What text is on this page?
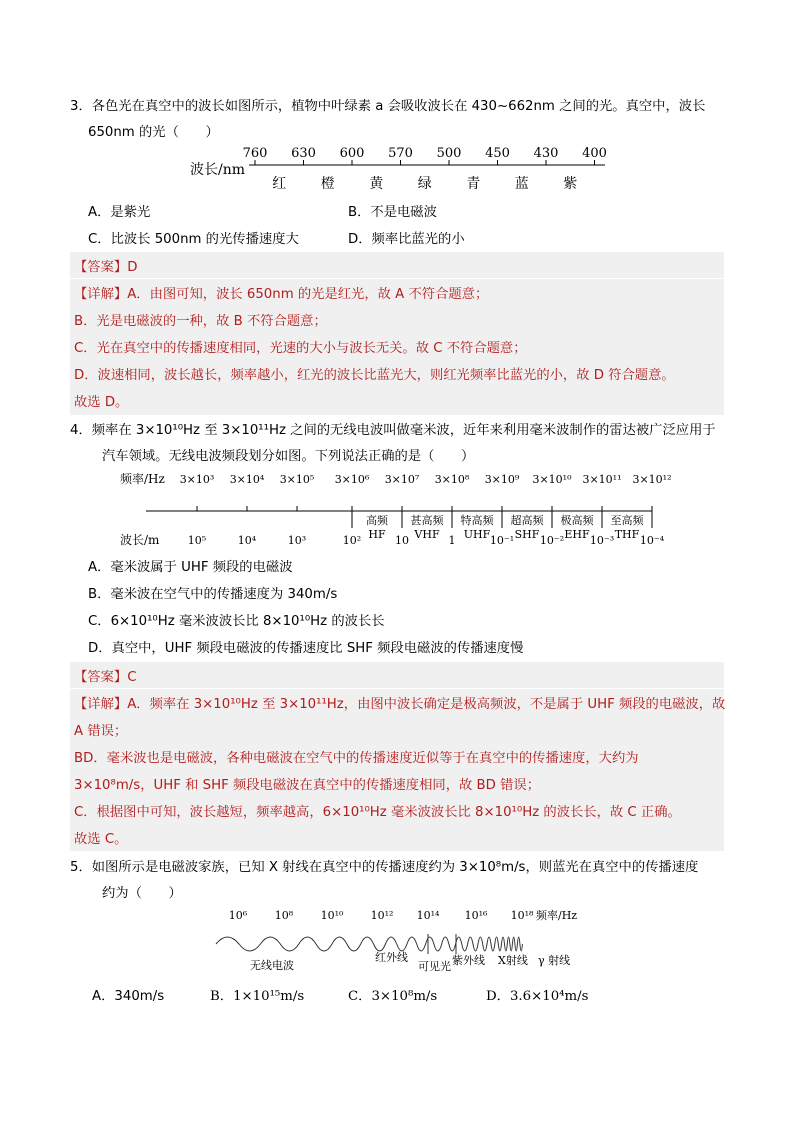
3．各色光在真空中的波长如图所示，植物中叶绿素 a 会吸收波长在 430~662nm 之间的光。真空中，波长
650nm 的光（　　）
波长/nm
760 630 600 570 500 450 430 400
红 橙 黄 绿 青 蓝 紫
A．是紫光	B．不是电磁波
C．比波长 500nm 的光传播速度大	D．频率比蓝光的小
【答案】D
【详解】A．由图可知，波长 650nm 的光是红光，故 A 不符合题意；
B．光是电磁波的一种，故 B 不符合题意；
C．光在真空中的传播速度相同，光速的大小与波长无关。故 C 不符合题意；
D．波速相同，波长越长，频率越小，红光的波长比蓝光大，则红光频率比蓝光的小，故 D 符合题意。
故选 D。
4．频率在 3×10¹⁰Hz 至 3×10¹¹Hz 之间的无线电波叫做毫米波，近年来利用毫米波制作的雷达被广泛应用于
汽车领域。无线电波频段划分如图。下列说法正确的是（　　）
频率/Hz
波长/m
3×10³ 3×10⁴ 3×10⁵ 3×10⁶ 3×10⁷ 3×10⁸ 3×10⁹ 3×10¹⁰ 3×10¹¹ 3×10¹²
10⁵	10⁴	10³	10²	10	1	10⁻¹ 10⁻² 10⁻³ 10⁻⁴
高频
HF
甚高频
VHF
特高频
UHF
超高频
SHF
极高频
EHF
至高频
THF
A．毫米波属于 UHF 频段的电磁波
B．毫米波在空气中的传播速度为 340m/s
C．6×10¹⁰Hz 毫米波波长比 8×10¹⁰Hz 的波长长
D．真空中，UHF 频段电磁波的传播速度比 SHF 频段电磁波的传播速度慢
【答案】C
【详解】A．频率在 3×10¹⁰Hz 至 3×10¹¹Hz，由图中波长确定是极高频波，不是属于 UHF 频段的电磁波，故
A 错误；
BD．毫米波也是电磁波，各种电磁波在空气中的传播速度近似等于在真空中的传播速度，大约为
3×10⁸m/s，UHF 和 SHF 频段电磁波在真空中的传播速度相同，故 BD 错误；
C．根据图中可知，波长越短，频率越高，6×10¹⁰Hz 毫米波波长比 8×10¹⁰Hz 的波长长，故 C 正确。
故选 C。
5．如图所示是电磁波家族，已知 X 射线在真空中的传播速度约为 3×10⁸m/s，则蓝光在真空中的传播速度
约为（　　）
10⁶	10⁸ 10¹⁰ 10¹² 10¹⁴ 10¹⁶ 10¹⁸ 频率/Hz
无线电波
红外线
可见光 紫外线 X射线 γ 射线
A．340m/s	B．1×10¹⁵m/s	C．3×10⁸m/s	D．3.6×10⁴m/s
